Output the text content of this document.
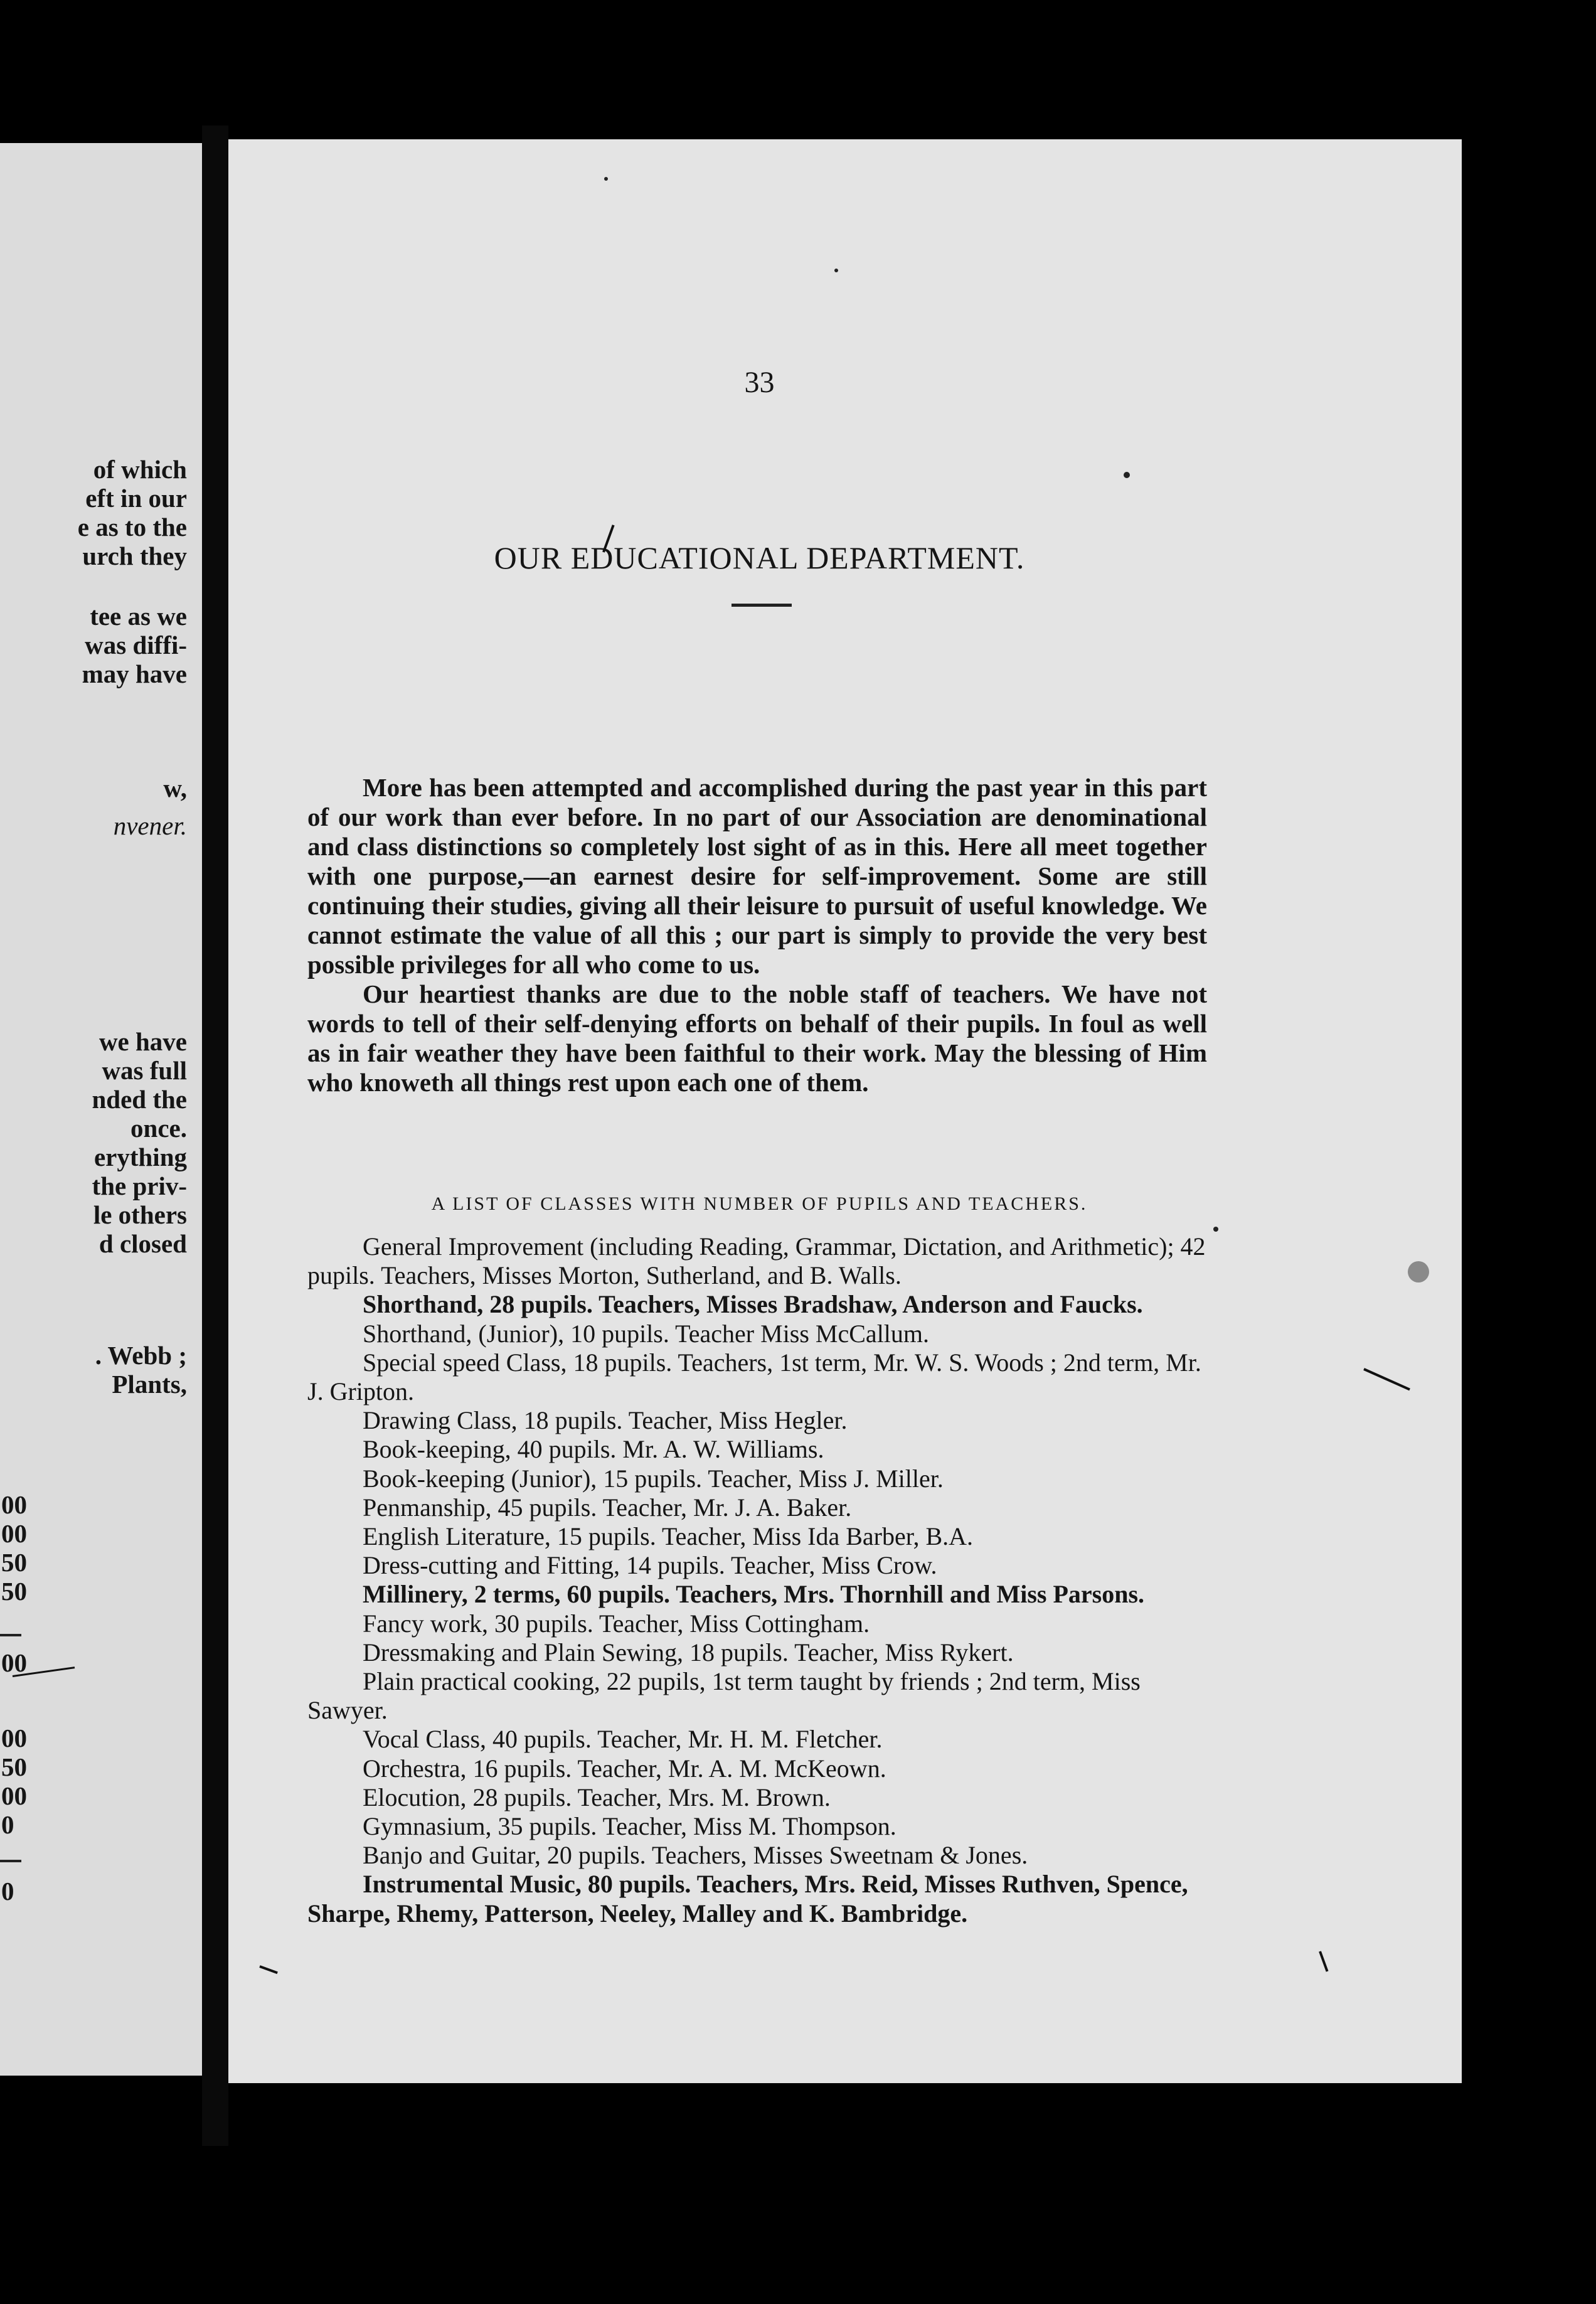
of which
eft in our
e as to the
urch they
tee as we
was diffi-
may have
w,
nvener.
we have
was full
nded the
once.
erything
the priv-
le others
d closed
. Webb ;
Plants,
00
00
50
50
00
00
50
00
0
0
33
OUR EDUCATIONAL DEPARTMENT.

More has been attempted and accomplished during the past year in this part of our work than ever before. In no part of our Association are denominational and class distinctions so completely lost sight of as in this. Here all meet together with one purpose,—an earnest desire for self-improvement. Some are still continuing their studies, giving all their leisure to pursuit of useful knowledge. We cannot estimate the value of all this ; our part is simply to provide the very best possible privileges for all who come to us.

Our heartiest thanks are due to the noble staff of teachers. We have not words to tell of their self-denying efforts on behalf of their pupils. In foul as well as in fair weather they have been faithful to their work. May the blessing of Him who knoweth all things rest upon each one of them.

A LIST OF CLASSES WITH NUMBER OF PUPILS AND TEACHERS.

General Improvement (including Reading, Grammar, Dictation, and Arithmetic); 42 pupils. Teachers, Misses Morton, Sutherland, and B. Walls.

Shorthand, 28 pupils. Teachers, Misses Bradshaw, Anderson and Faucks.

Shorthand, (Junior), 10 pupils. Teacher Miss McCallum.

Special speed Class, 18 pupils. Teachers, 1st term, Mr. W. S. Woods ; 2nd term, Mr. J. Gripton.

Drawing Class, 18 pupils. Teacher, Miss Hegler.

Book-keeping, 40 pupils. Mr. A. W. Williams.

Book-keeping (Junior), 15 pupils. Teacher, Miss J. Miller.

Penmanship, 45 pupils. Teacher, Mr. J. A. Baker.

English Literature, 15 pupils. Teacher, Miss Ida Barber, B.A.

Dress-cutting and Fitting, 14 pupils. Teacher, Miss Crow.

Millinery, 2 terms, 60 pupils. Teachers, Mrs. Thornhill and Miss Parsons.

Fancy work, 30 pupils. Teacher, Miss Cottingham.

Dressmaking and Plain Sewing, 18 pupils. Teacher, Miss Rykert.

Plain practical cooking, 22 pupils, 1st term taught by friends ; 2nd term, Miss Sawyer.

Vocal Class, 40 pupils. Teacher, Mr. H. M. Fletcher.

Orchestra, 16 pupils. Teacher, Mr. A. M. McKeown.

Elocution, 28 pupils. Teacher, Mrs. M. Brown.

Gymnasium, 35 pupils. Teacher, Miss M. Thompson.

Banjo and Guitar, 20 pupils. Teachers, Misses Sweetnam & Jones.

Instrumental Music, 80 pupils. Teachers, Mrs. Reid, Misses Ruthven, Spence, Sharpe, Rhemy, Patterson, Neeley, Malley and K. Bambridge.
